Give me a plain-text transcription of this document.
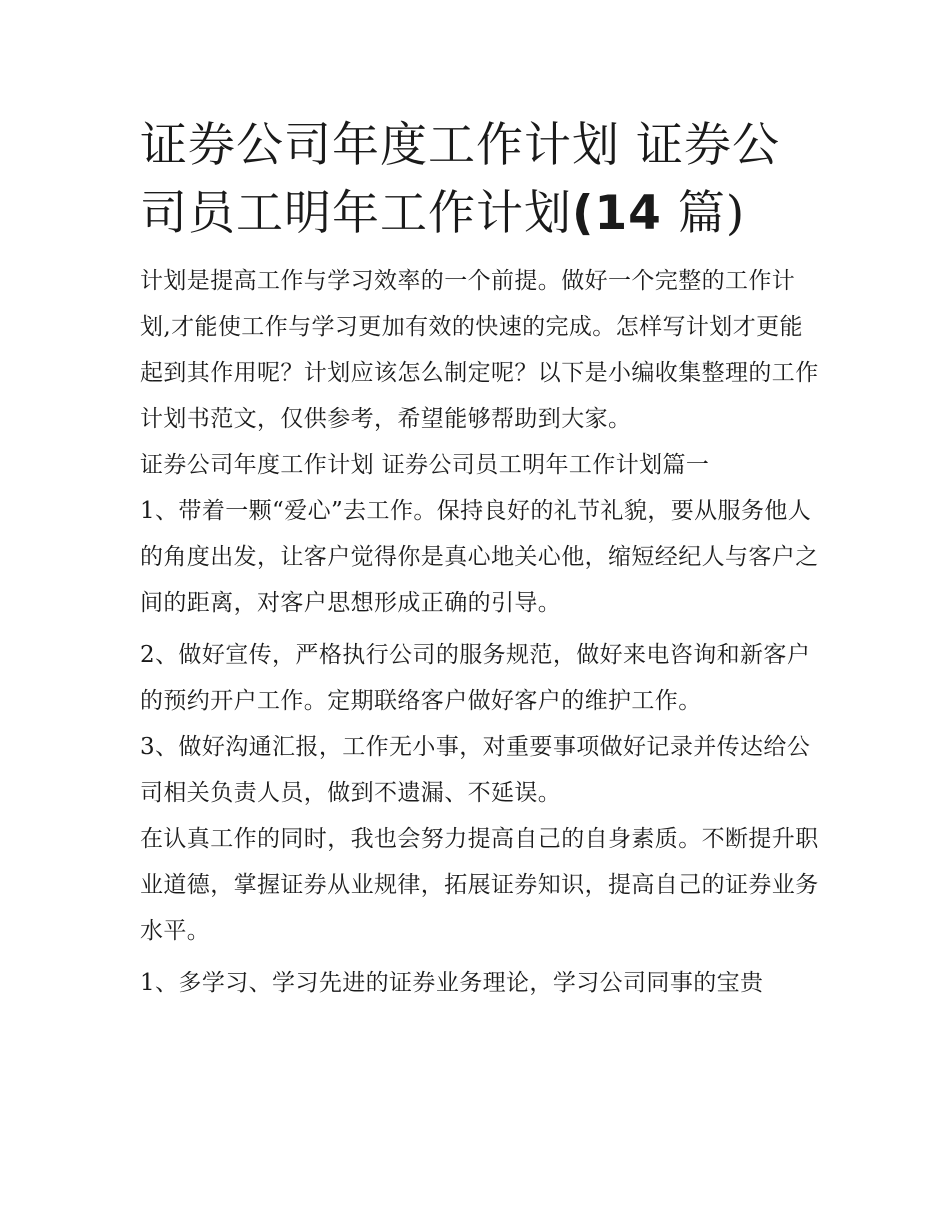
证券公司年度工作计划 证券公司员工明年工作计划(14 篇)

计划是提高工作与学习效率的一个前提。做好一个完整的工作计划,才能使工作与学习更加有效的快速的完成。怎样写计划才更能起到其作用呢？计划应该怎么制定呢？以下是小编收集整理的工作计划书范文，仅供参考，希望能够帮助到大家。

证券公司年度工作计划 证券公司员工明年工作计划篇一

1、带着一颗“爱心”去工作。保持良好的礼节礼貌，要从服务他人的角度出发，让客户觉得你是真心地关心他，缩短经纪人与客户之间的距离，对客户思想形成正确的引导。

2、做好宣传，严格执行公司的服务规范，做好来电咨询和新客户的预约开户工作。定期联络客户做好客户的维护工作。

3、做好沟通汇报，工作无小事，对重要事项做好记录并传达给公司相关负责人员，做到不遗漏、不延误。

在认真工作的同时，我也会努力提高自己的自身素质。不断提升职业道德，掌握证券从业规律，拓展证券知识，提高自己的证券业务水平。

1、多学习、学习先进的证券业务理论，学习公司同事的宝贵
